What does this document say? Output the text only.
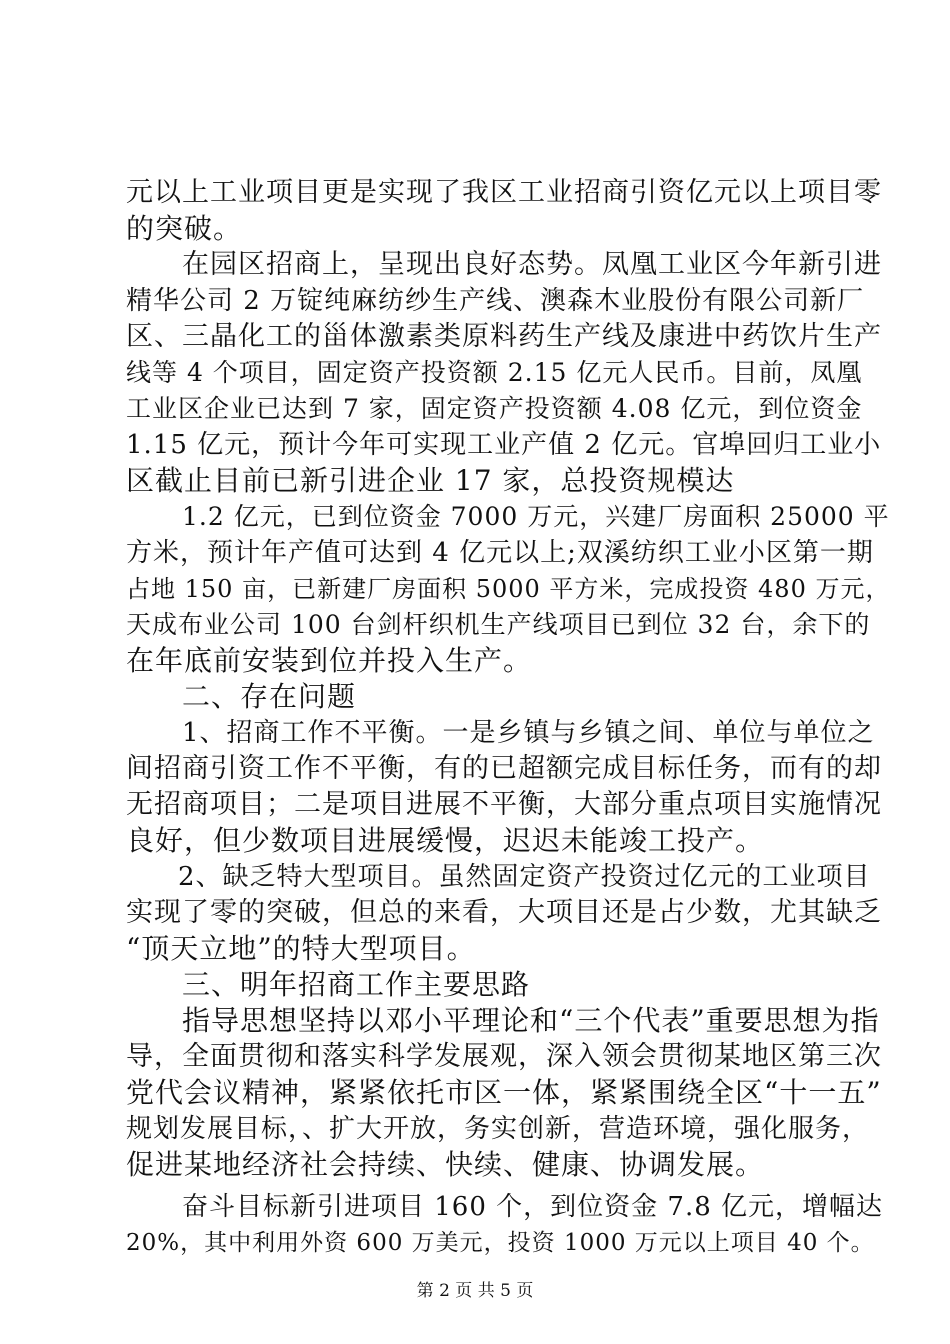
元以上工业项目更是实现了我区工业招商引资亿元以上项目零
的突破。
在园区招商上，呈现出良好态势。凤凰工业区今年新引进
精华公司 2 万锭纯麻纺纱生产线、澳森木业股份有限公司新厂
区、三晶化工的甾体激素类原料药生产线及康进中药饮片生产
线等 4 个项目，固定资产投资额 2.15 亿元人民币。目前，凤凰
工业区企业已达到 7 家，固定资产投资额 4.08 亿元，到位资金
1.15 亿元，预计今年可实现工业产值 2 亿元。官埠回归工业小
区截止目前已新引进企业 17 家，总投资规模达
1.2 亿元，已到位资金 7000 万元，兴建厂房面积 25000 平
方米，预计年产值可达到 4 亿元以上;双溪纺织工业小区第一期
占地 150 亩，已新建厂房面积 5000 平方米，完成投资 480 万元，
天成布业公司 100 台剑杆织机生产线项目已到位 32 台，余下的
在年底前安装到位并投入生产。
二、存在问题
1、招商工作不平衡。一是乡镇与乡镇之间、单位与单位之
间招商引资工作不平衡，有的已超额完成目标任务，而有的却
无招商项目；二是项目进展不平衡，大部分重点项目实施情况
良好，但少数项目进展缓慢，迟迟未能竣工投产。
2、缺乏特大型项目。虽然固定资产投资过亿元的工业项目
实现了零的突破，但总的来看，大项目还是占少数，尤其缺乏
“顶天立地”的特大型项目。
三、明年招商工作主要思路
指导思想坚持以邓小平理论和“三个代表”重要思想为指
导，全面贯彻和落实科学发展观，深入领会贯彻某地区第三次
党代会议精神，紧紧依托市区一体，紧紧围绕全区“十一五”
规划发展目标，、扩大开放，务实创新，营造环境，强化服务，
促进某地经济社会持续、快续、健康、协调发展。
奋斗目标新引进项目 160 个，到位资金 7.8 亿元，增幅达
20%，其中利用外资 600 万美元，投资 1000 万元以上项目 40 个。
第 2 页 共 5 页
